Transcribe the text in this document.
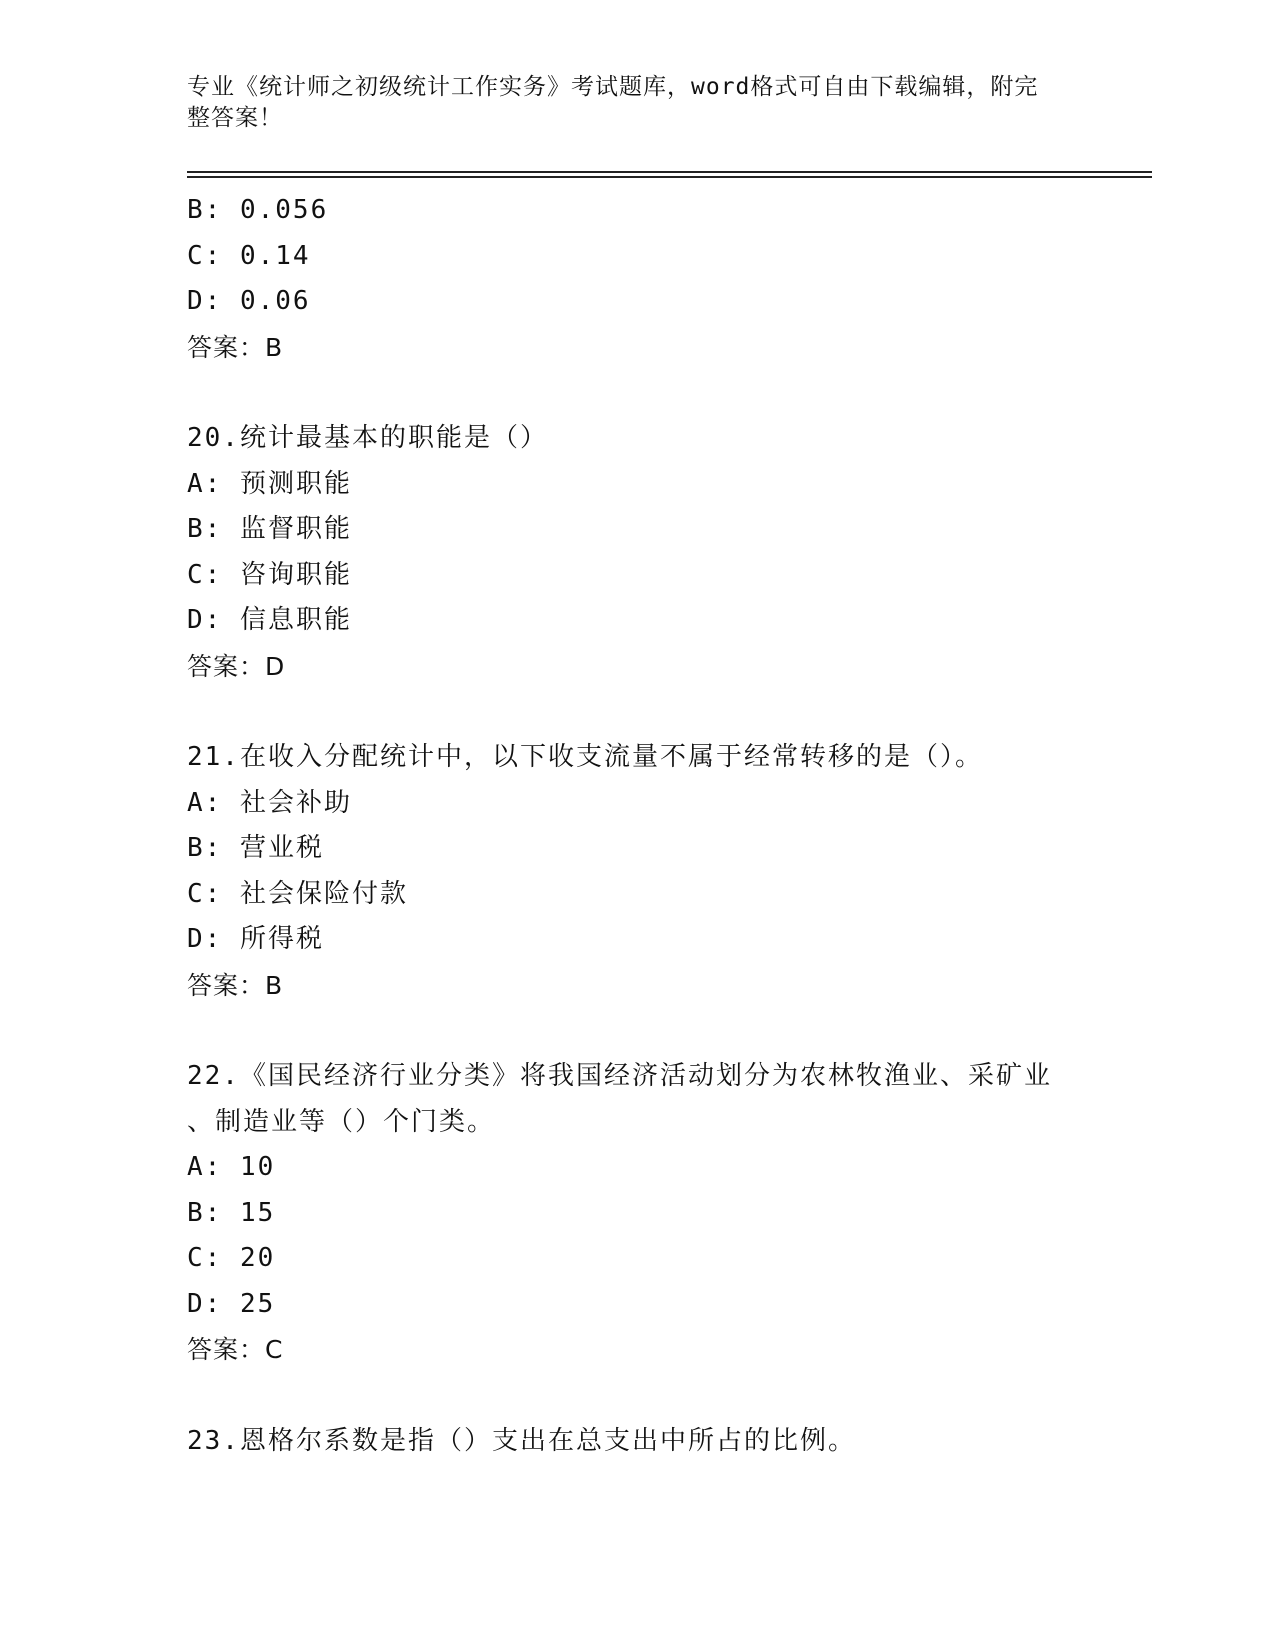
专业《统计师之初级统计工作实务》考试题库，word格式可自由下载编辑，附完
整答案！
B: 0.056
C: 0.14
D: 0.06
答案：B
20.统计最基本的职能是（）
A: 预测职能
B: 监督职能
C: 咨询职能
D: 信息职能
答案：D
21.在收入分配统计中，以下收支流量不属于经常转移的是（）。
A: 社会补助
B: 营业税
C: 社会保险付款
D: 所得税
答案：B
22.《国民经济行业分类》将我国经济活动划分为农林牧渔业、采矿业
、制造业等（）个门类。
A: 10
B: 15
C: 20
D: 25
答案：C
23.恩格尔系数是指（）支出在总支出中所占的比例。
